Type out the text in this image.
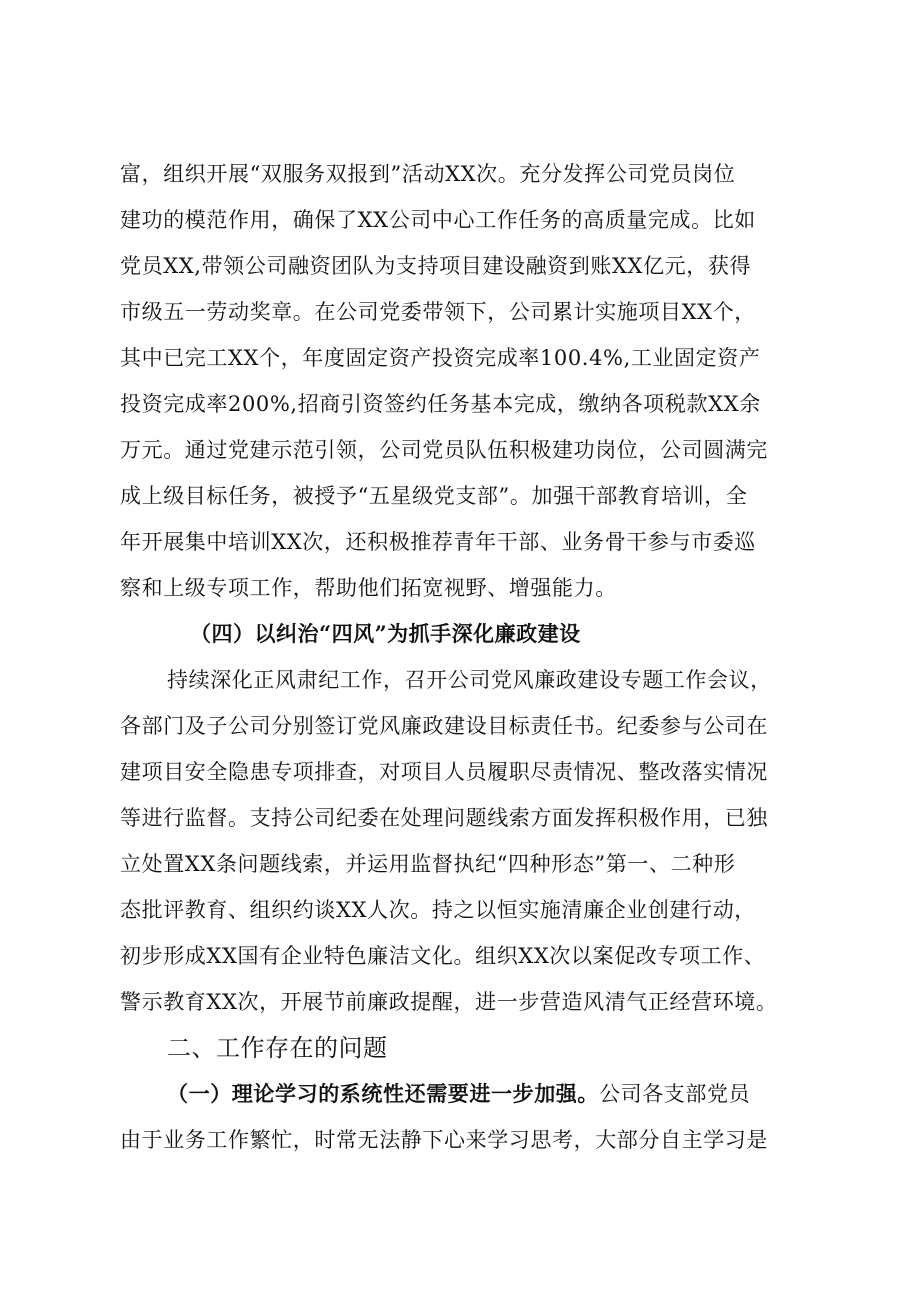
富，组织开展“双服务双报到”活动XX次。充分发挥公司党员岗位
建功的模范作用，确保了XX公司中心工作任务的高质量完成。比如
党员XX,带领公司融资团队为支持项目建设融资到账XX亿元，获得
市级五一劳动奖章。在公司党委带领下，公司累计实施项目XX个，
其中已完工XX个，年度固定资产投资完成率100.4%,工业固定资产
投资完成率200%,招商引资签约任务基本完成，缴纳各项税款XX余
万元。通过党建示范引领，公司党员队伍积极建功岗位，公司圆满完
成上级目标任务，被授予“五星级党支部”。加强干部教育培训，全
年开展集中培训XX次，还积极推荐青年干部、业务骨干参与市委巡
察和上级专项工作，帮助他们拓宽视野、增强能力。
（四）以纠治“四风”为抓手深化廉政建设
持续深化正风肃纪工作，召开公司党风廉政建设专题工作会议，
各部门及子公司分别签订党风廉政建设目标责任书。纪委参与公司在
建项目安全隐患专项排查，对项目人员履职尽责情况、整改落实情况
等进行监督。支持公司纪委在处理问题线索方面发挥积极作用，已独
立处置XX条问题线索，并运用监督执纪“四种形态”第一、二种形
态批评教育、组织约谈XX人次。持之以恒实施清廉企业创建行动，
初步形成XX国有企业特色廉洁文化。组织XX次以案促改专项工作、
警示教育XX次，开展节前廉政提醒，进一步营造风清气正经营环境。
二、工作存在的问题
（一）理论学习的系统性还需要进一步加强。公司各支部党员
由于业务工作繁忙，时常无法静下心来学习思考，大部分自主学习是
